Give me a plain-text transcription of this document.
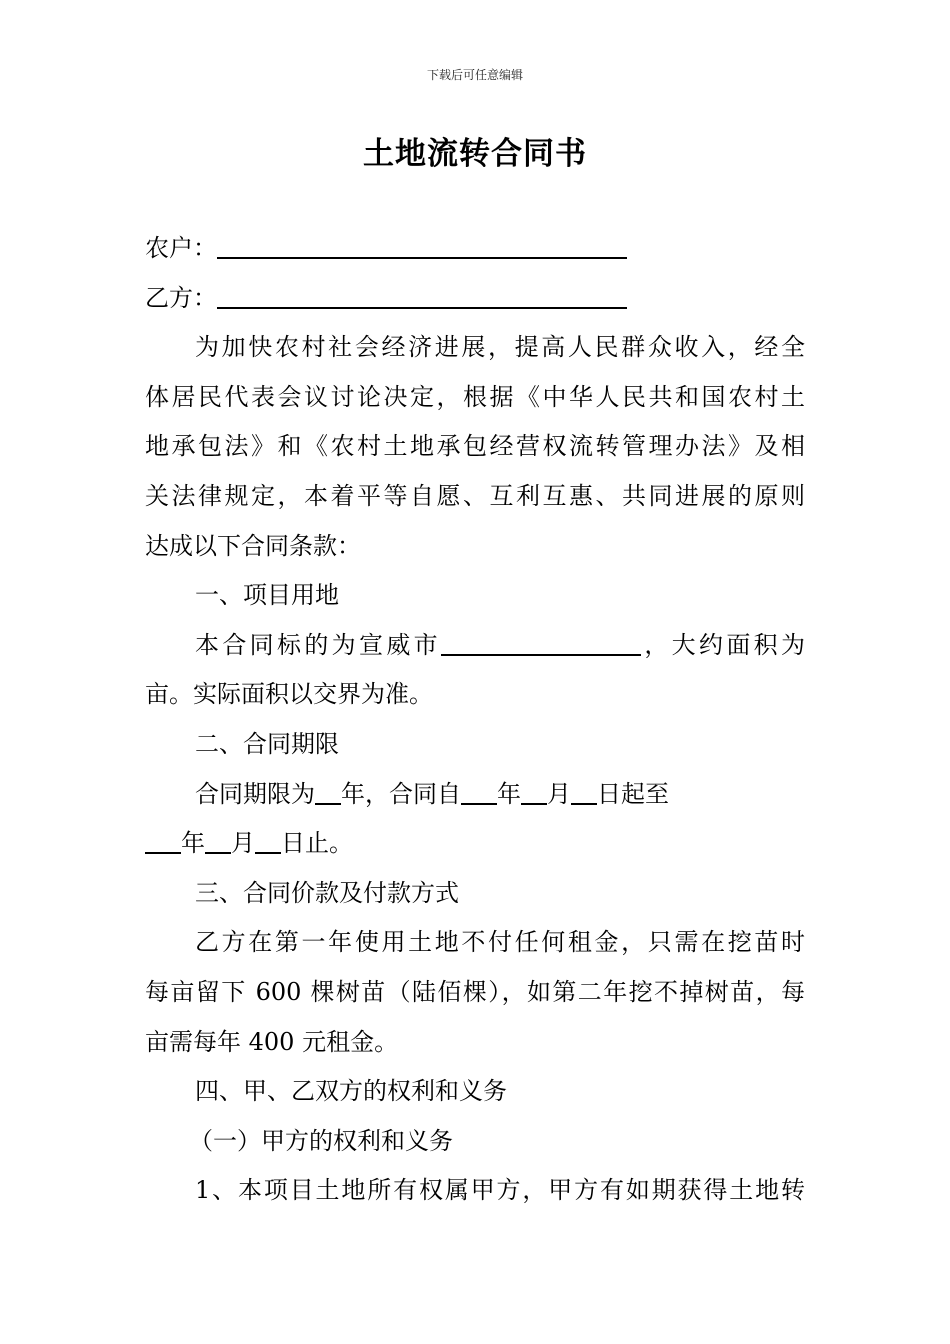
下载后可任意编辑
土地流转合同书
农户：
乙方：
为加快农村社会经济进展，提高人民群众收入，经全
体居民代表会议讨论决定，根据《中华人民共和国农村土
地承包法》和《农村土地承包经营权流转管理办法》及相
关法律规定，本着平等自愿、互利互惠、共同进展的原则
达成以下合同条款：
一、项目用地
本合同标的为宣威市	，大约面积为
亩。实际面积以交界为准。
二、合同期限
合同期限为 年，合同自 年 月 日起至
年 月 日止。
三、合同价款及付款方式
乙方在第一年使用土地不付任何租金，只需在挖苗时
每亩留下 600 棵树苗（陆佰棵），如第二年挖不掉树苗，每
亩需每年 400 元租金。
四、甲、乙双方的权利和义务
（一）甲方的权利和义务
1、本项目土地所有权属甲方，甲方有如期获得土地转
